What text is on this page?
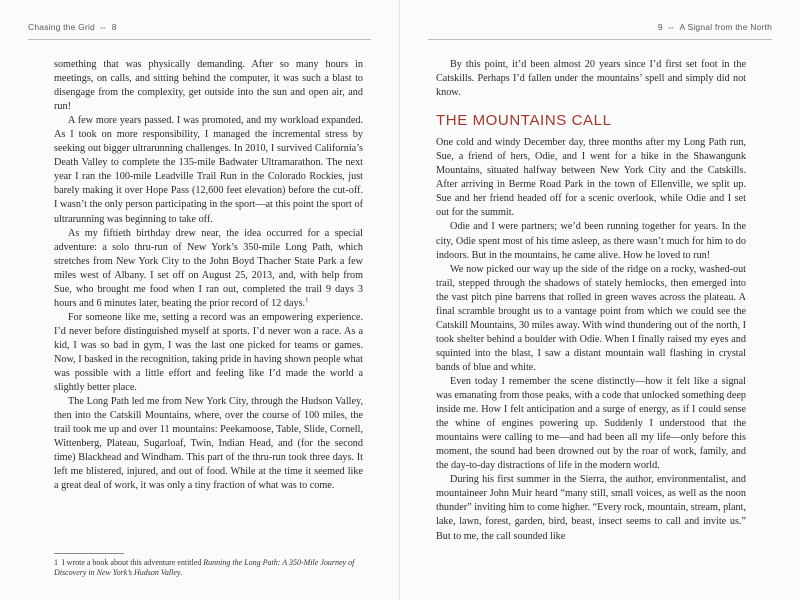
Chasing the Grid ⇔ 8

something that was physically demanding. After so many hours in meetings, on calls, and sitting behind the computer, it was such a blast to disengage from the complexity, get outside into the sun and open air, and run!

A few more years passed. I was promoted, and my workload expanded. As I took on more responsibility, I managed the incremental stress by seeking out bigger ultrarunning challenges. In 2010, I survived California’s Death Valley to complete the 135-mile Badwater Ultramarathon. The next year I ran the 100-mile Leadville Trail Run in the Colorado Rockies, just barely making it over Hope Pass (12,600 feet elevation) before the cut-off. I wasn’t the only person participating in the sport—at this point the sport of ultrarunning was beginning to take off.

As my fiftieth birthday drew near, the idea occurred for a special adventure: a solo thru-run of New York’s 350-mile Long Path, which stretches from New York City to the John Boyd Thacher State Park a few miles west of Albany. I set off on August 25, 2013, and, with help from Sue, who brought me food when I ran out, completed the trail 9 days 3 hours and 6 minutes later, beating the prior record of 12 days.$^1$

For someone like me, setting a record was an empowering experience. I’d never before distinguished myself at sports. I’d never won a race. As a kid, I was so bad in gym, I was the last one picked for teams or games. Now, I basked in the recognition, taking pride in having shown people what was possible with a little effort and feeling like I’d made the world a slightly better place.

The Long Path led me from New York City, through the Hudson Valley, then into the Catskill Mountains, where, over the course of 100 miles, the trail took me up and over 11 mountains: Peekamoose, Table, Slide, Cornell, Wittenberg, Plateau, Sugarloaf, Twin, Indian Head, and (for the second time) Blackhead and Windham. This part of the thru-run took three days. It left me blistered, injured, and out of food. While at the time it seemed like a great deal of work, it was only a tiny fraction of what was to come.

1 I wrote a book about this adventure entitled Running the Long Path: A 350-Mile Journey of Discovery in New York’s Hudson Valley.
9 ⇔ A Signal from the North

By this point, it’d been almost 20 years since I’d first set foot in the Catskills. Perhaps I’d fallen under the mountains’ spell and simply did not know.

THE MOUNTAINS CALL

One cold and windy December day, three months after my Long Path run, Sue, a friend of hers, Odie, and I went for a hike in the Shawangunk Mountains, situated halfway between New York City and the Catskills. After arriving in Berme Road Park in the town of Ellenville, we split up. Sue and her friend headed off for a scenic overlook, while Odie and I set out for the summit.

Odie and I were partners; we’d been running together for years. In the city, Odie spent most of his time asleep, as there wasn’t much for him to do indoors. But in the mountains, he came alive. How he loved to run!

We now picked our way up the side of the ridge on a rocky, washed-out trail, stepped through the shadows of stately hemlocks, then emerged into the vast pitch pine barrens that rolled in green waves across the plateau. A final scramble brought us to a vantage point from which we could see the Catskill Mountains, 30 miles away. With wind thundering out of the north, I took shelter behind a boulder with Odie. When I finally raised my eyes and squinted into the blast, I saw a distant mountain wall flashing in crystal bands of blue and white.

Even today I remember the scene distinctly—how it felt like a signal was emanating from those peaks, with a code that unlocked something deep inside me. How I felt anticipation and a surge of energy, as if I could sense the whine of engines powering up. Suddenly I understood that the mountains were calling to me—and had been all my life—only before this moment, the sound had been drowned out by the roar of work, family, and the day-to-day distractions of life in the modern world.

During his first summer in the Sierra, the author, environmentalist, and mountaineer John Muir heard “many still, small voices, as well as the noon thunder” inviting him to come higher. “Every rock, mountain, stream, plant, lake, lawn, forest, garden, bird, beast, insect seems to call and invite us.” But to me, the call sounded like
